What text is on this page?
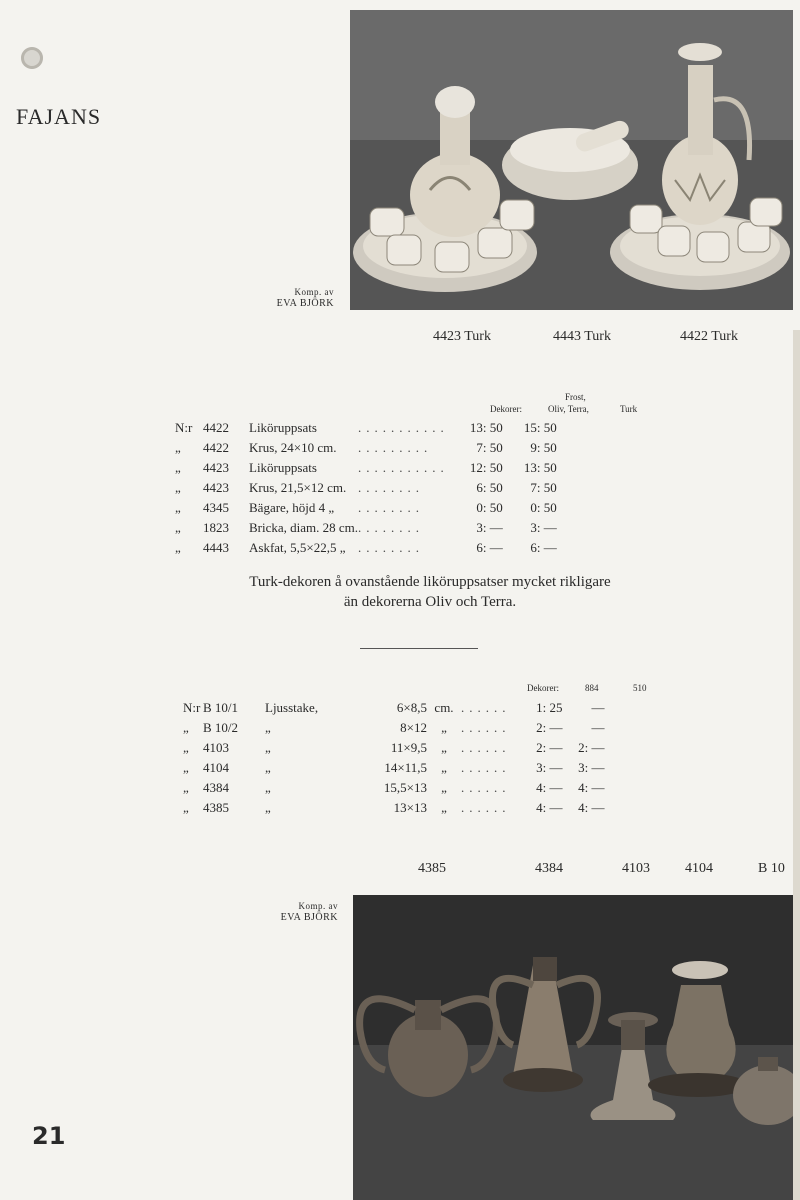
FAJANS
Komp. av
EVA BJÖRK
4423 Turk	4443 Turk	4422 Turk
Frost,
Dekorer:	Oliv, Terra,	Turk
N:r	4422	Liköruppsats	...........	13: 50	15: 50
„	4422	Krus, 24×10 cm.	.........	7: 50	9: 50
„	4423	Liköruppsats	...........	12: 50	13: 50
„	4423	Krus, 21,5×12 cm.	........	6: 50	7: 50
„	4345	Bägare, höjd 4 „	........	0: 50	0: 50
„	1823	Bricka, diam. 28 cm.	........	3: —	3: —
„	4443	Askfat, 5,5×22,5 „	........	6: —	6: —
Turk-dekoren å ovanstående liköruppsatser mycket rikligare
än dekorerna Oliv och Terra.
Dekorer:	884	510
N:r	B 10/1	Ljusstake,	6×8,5	cm.	......	1: 25	—
„	B 10/2	„	8×12	„	......	2: —	—
„	4103	„	11×9,5	„	......	2: —	2: —
„	4104	„	14×11,5	„	......	3: —	3: —
„	4384	„	15,5×13	„	......	4: —	4: —
„	4385	„	13×13	„	......	4: —	4: —
4385	4384	4103	4104	B 10
Komp. av
EVA BJÖRK
21
